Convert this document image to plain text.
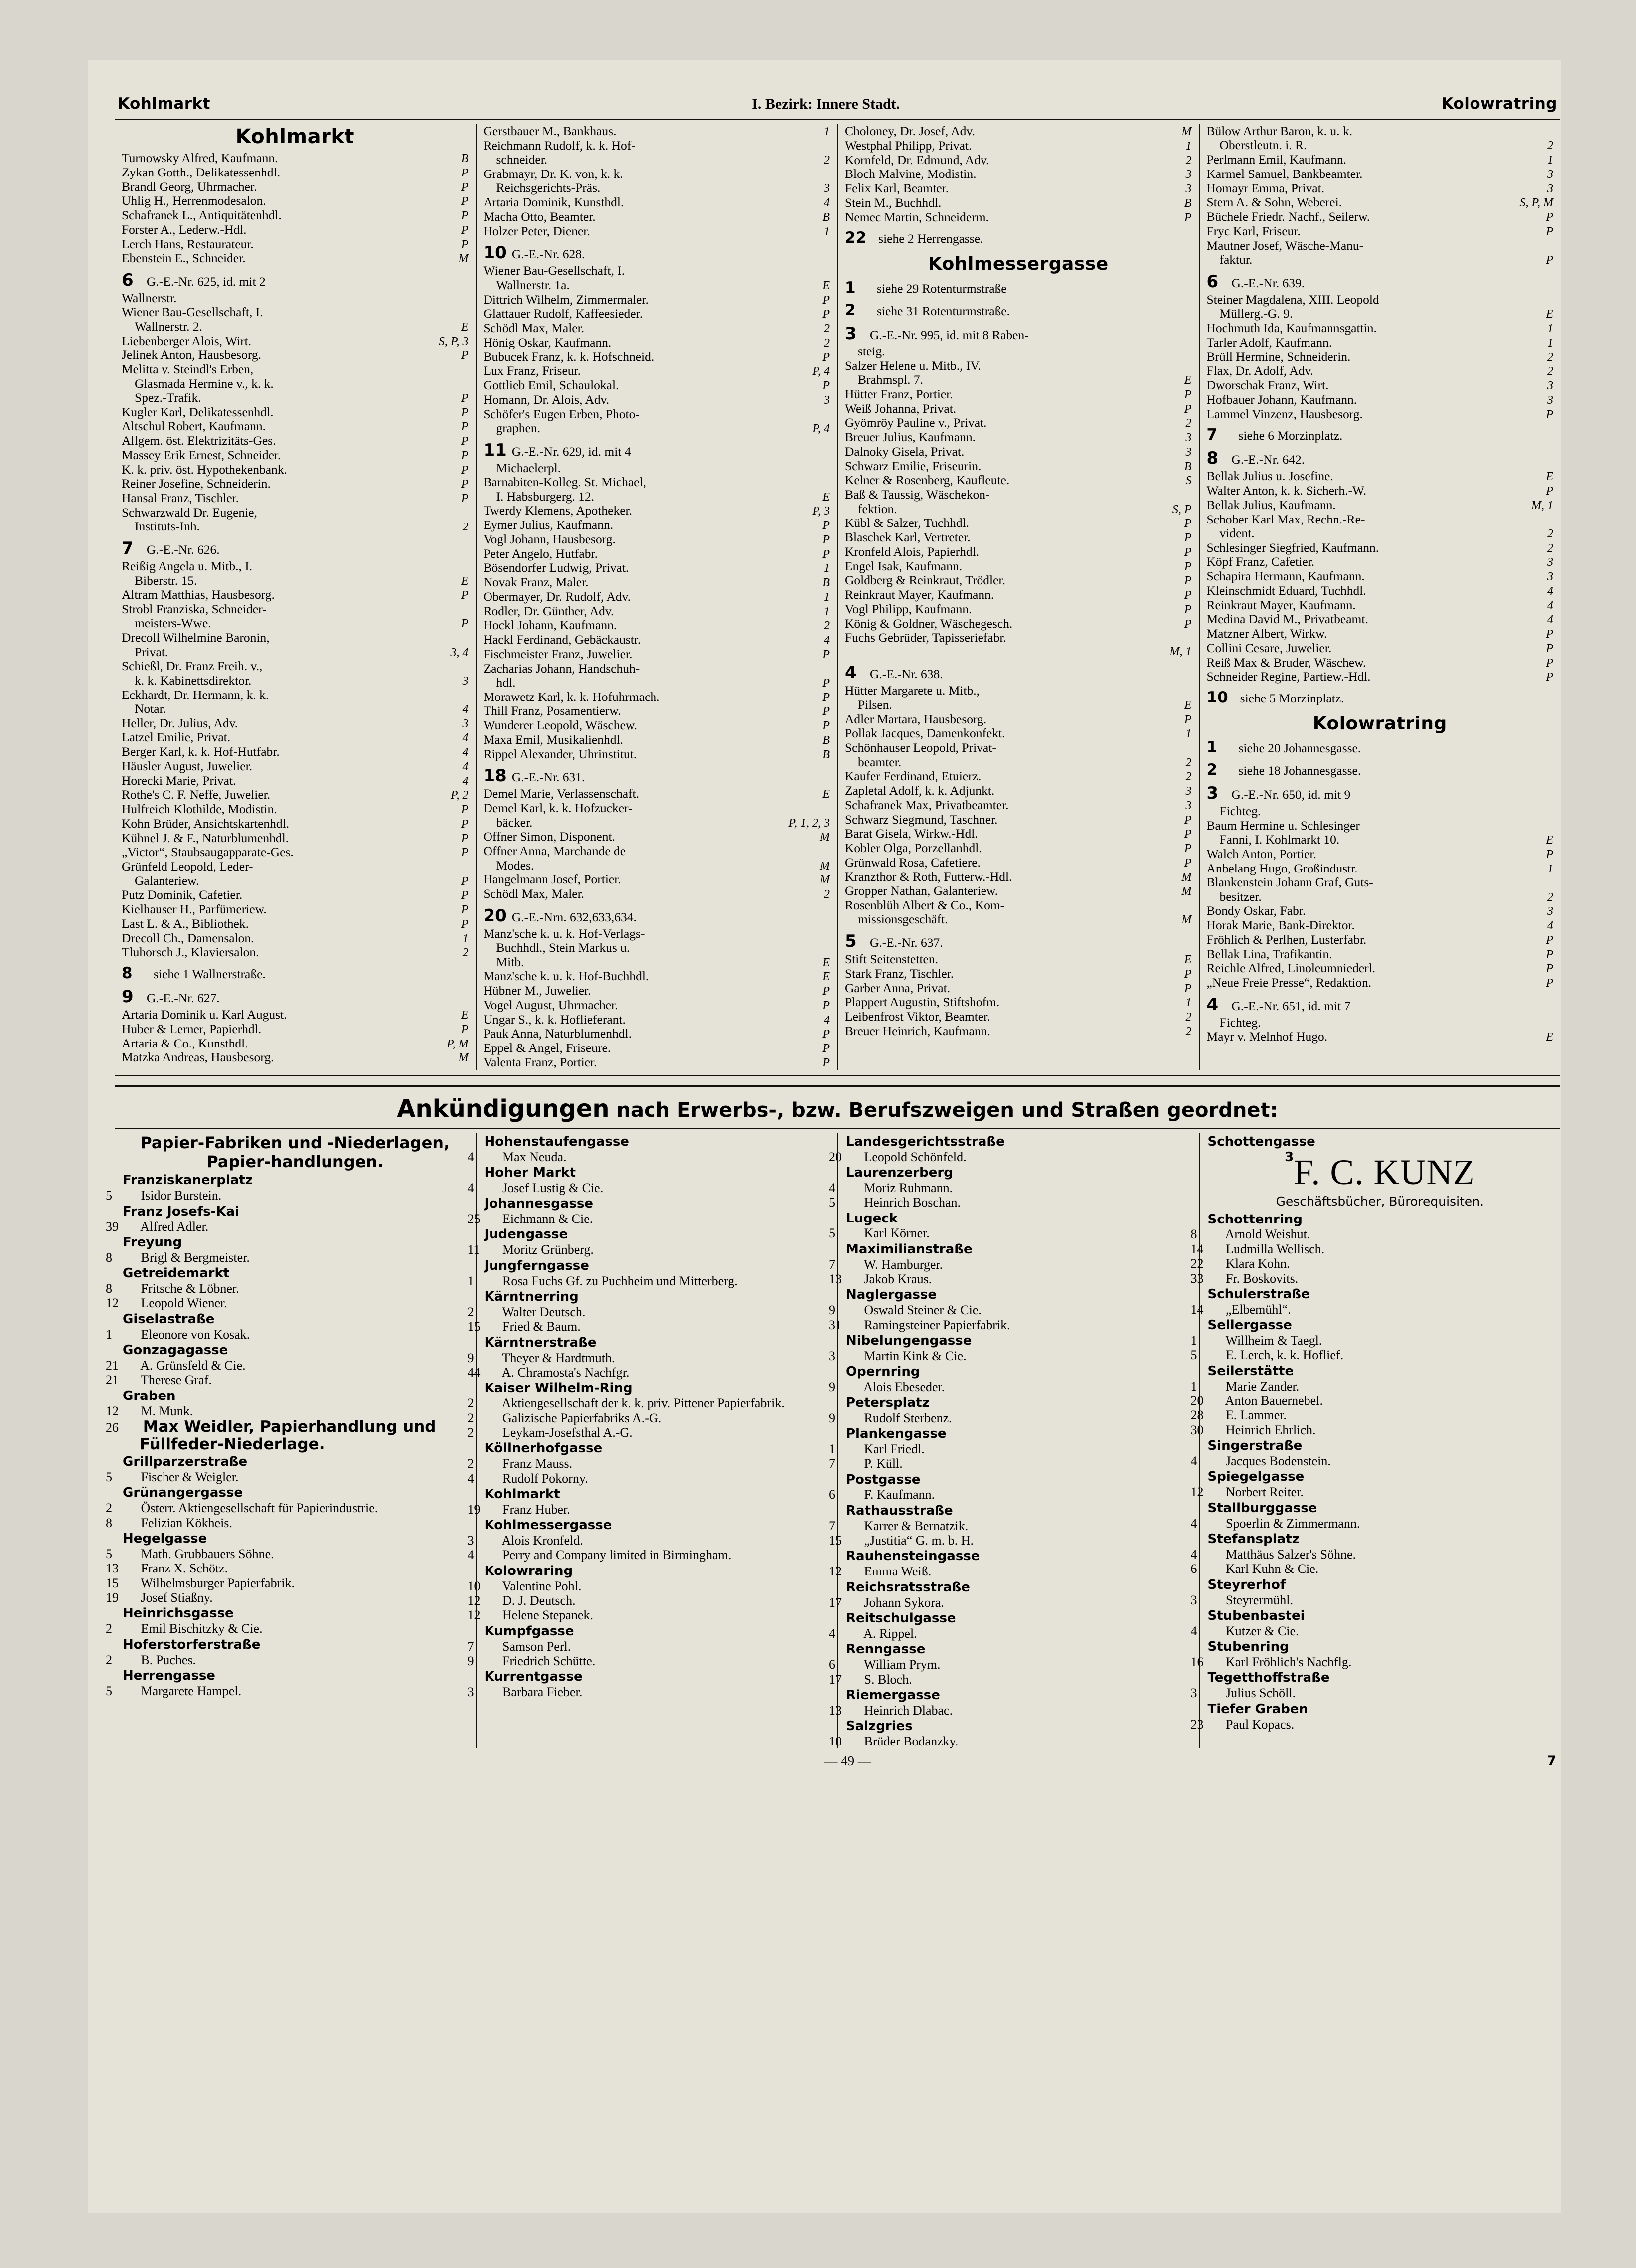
Kohlmarkt	I. Bezirk: Innere Stadt.	Kolowratring
Kohlmarkt
Turnowsky Alfred, Kaufmann.	B
Zykan Gotth., Delikatessenhdl.	P
Brandl Georg, Uhrmacher.	P
Uhlig H., Herrenmodesalon.	P
Schafranek L., Antiquitätenhdl.	P
Forster A., Lederw.-Hdl.	P
Lerch Hans, Restaurateur.	P
Ebenstein E., Schneider.	M
6	G.-E.-Nr. 625, id. mit 2
Wallnerstr.
Wiener Bau-Gesellschaft, I.
Wallnerstr. 2.	E
Liebenberger Alois, Wirt.	S, P, 3
Jelinek Anton, Hausbesorg.	P
Melitta v. Steindl's Erben,
Glasmada Hermine v., k. k.
Spez.-Trafik.	P
Kugler Karl, Delikatessenhdl.	P
Altschul Robert, Kaufmann.	P
Allgem. öst. Elektrizitäts-Ges.	P
Massey Erik Ernest, Schneider.	P
K. k. priv. öst. Hypothekenbank.	P
Reiner Josefine, Schneiderin.	P
Hansal Franz, Tischler.	P
Schwarzwald Dr. Eugenie,
Instituts-Inh.	2
7	G.-E.-Nr. 626.
Reißig Angela u. Mitb., I.
Biberstr. 15.	E
Altram Matthias, Hausbesorg.	P
Strobl Franziska, Schneider-
meisters-Wwe.	P
Drecoll Wilhelmine Baronin,
Privat.	3, 4
Schießl, Dr. Franz Freih. v.,
k. k. Kabinettsdirektor.	3
Eckhardt, Dr. Hermann, k. k.
Notar.	4
Heller, Dr. Julius, Adv.	3
Latzel Emilie, Privat.	4
Berger Karl, k. k. Hof-Hutfabr.	4
Häusler August, Juwelier.	4
Horecki Marie, Privat.	4
Rothe's C. F. Neffe, Juwelier.	P, 2
Hulfreich Klothilde, Modistin.	P
Kohn Brüder, Ansichtskartenhdl.	P
Kühnel J. & F., Naturblumenhdl.	P
„Victor“, Staubsaugapparate-Ges.	P
Grünfeld Leopold, Leder-
Galanteriew.	P
Putz Dominik, Cafetier.	P
Kielhauser H., Parfümeriew.	P
Last L. & A., Bibliothek.	P
Drecoll Ch., Damensalon.	1
Tluhorsch J., Klaviersalon.	2
8	siehe 1 Wallnerstraße.
9	G.-E.-Nr. 627.
Artaria Dominik u. Karl August.	E
Huber & Lerner, Papierhdl.	P
Artaria & Co., Kunsthdl.	P, M
Matzka Andreas, Hausbesorg.	M
Gerstbauer M., Bankhaus.	1
Reichmann Rudolf, k. k. Hof-
schneider.	2
Grabmayr, Dr. K. von, k. k.
Reichsgerichts-Präs.	3
Artaria Dominik, Kunsthdl.	4
Macha Otto, Beamter.	B
Holzer Peter, Diener.	1
10 G.-E.-Nr. 628.
Wiener Bau-Gesellschaft, I.
Wallnerstr. 1a.	E
Dittrich Wilhelm, Zimmermaler.	P
Glattauer Rudolf, Kaffeesieder.	P
Schödl Max, Maler.	2
Hönig Oskar, Kaufmann.	2
Bubucek Franz, k. k. Hofschneid.	P
Lux Franz, Friseur.	P, 4
Gottlieb Emil, Schaulokal.	P
Homann, Dr. Alois, Adv.	3
Schöfer's Eugen Erben, Photo-
graphen.	P, 4
11 G.-E.-Nr. 629, id. mit 4
Michaelerpl.
Barnabiten-Kolleg. St. Michael,
I. Habsburgerg. 12.	E
Twerdy Klemens, Apotheker.	P, 3
Eymer Julius, Kaufmann.	P
Vogl Johann, Hausbesorg.	P
Peter Angelo, Hutfabr.	P
Bösendorfer Ludwig, Privat.	1
Novak Franz, Maler.	B
Obermayer, Dr. Rudolf, Adv.	1
Rodler, Dr. Günther, Adv.	1
Hockl Johann, Kaufmann.	2
Hackl Ferdinand, Gebäckaustr.	4
Fischmeister Franz, Juwelier.	P
Zacharias Johann, Handschuh-
hdl.	P
Morawetz Karl, k. k. Hofuhrmach.	P
Thill Franz, Posamentierw.	P
Wunderer Leopold, Wäschew.	P
Maxa Emil, Musikalienhdl.	B
Rippel Alexander, Uhrinstitut.	B
18 G.-E.-Nr. 631.
Demel Marie, Verlassenschaft.	E
Demel Karl, k. k. Hofzucker-
bäcker.	P, 1, 2, 3
Offner Simon, Disponent.	M
Offner Anna, Marchande de
Modes.	M
Hangelmann Josef, Portier.	M
Schödl Max, Maler.	2
20 G.-E.-Nrn. 632,633,634.
Manz'sche k. u. k. Hof-Verlags-
Buchhdl., Stein Markus u.
Mitb.	E
Manz'sche k. u. k. Hof-Buchhdl.	E
Hübner M., Juwelier.	P
Vogel August, Uhrmacher.	P
Ungar S., k. k. Hoflieferant.	4
Pauk Anna, Naturblumenhdl.	P
Eppel & Angel, Friseure.	P
Valenta Franz, Portier.	P
Choloney, Dr. Josef, Adv.	M
Westphal Philipp, Privat.	1
Kornfeld, Dr. Edmund, Adv.	2
Bloch Malvine, Modistin.	3
Felix Karl, Beamter.	3
Stein M., Buchhdl.	B
Nemec Martin, Schneiderm.	P
22 siehe 2 Herrengasse.
Kohlmessergasse
1	siehe 29 Rotenturmstraße
2	siehe 31 Rotenturmstraße.
3	G.-E.-Nr. 995, id. mit 8 Raben-
steig.
Salzer Helene u. Mitb., IV.
Brahmspl. 7.	E
Hütter Franz, Portier.	P
Weiß Johanna, Privat.	P
Gyömröy Pauline v., Privat.	2
Breuer Julius, Kaufmann.	3
Dalnoky Gisela, Privat.	3
Schwarz Emilie, Friseurin.	B
Kelner & Rosenberg, Kaufleute.	S
Baß & Taussig, Wäschekon-
fektion.	S, P
Kübl & Salzer, Tuchhdl.	P
Blaschek Karl, Vertreter.	P
Kronfeld Alois, Papierhdl.	P
Engel Isak, Kaufmann.	P
Goldberg & Reinkraut, Trödler.	P
Reinkraut Mayer, Kaufmann.	P
Vogl Philipp, Kaufmann.	P
König & Goldner, Wäschegesch.	P
Fuchs Gebrüder, Tapisseriefabr.
M, 1
4	G.-E.-Nr. 638.
Hütter Margarete u. Mitb.,
Pilsen.	E
Adler Martara, Hausbesorg.	P
Pollak Jacques, Damenkonfekt.	1
Schönhauser Leopold, Privat-
beamter.	2
Kaufer Ferdinand, Etuierz.	2
Zapletal Adolf, k. k. Adjunkt.	3
Schafranek Max, Privatbeamter.	3
Schwarz Siegmund, Taschner.	P
Barat Gisela, Wirkw.-Hdl.	P
Kobler Olga, Porzellanhdl.	P
Grünwald Rosa, Cafetiere.	P
Kranzthor & Roth, Futterw.-Hdl.	M
Gropper Nathan, Galanteriew.	M
Rosenblüh Albert & Co., Kom-
missionsgeschäft.	M
5	G.-E.-Nr. 637.
Stift Seitenstetten.	E
Stark Franz, Tischler.	P
Garber Anna, Privat.	P
Plappert Augustin, Stiftshofm.	1
Leibenfrost Viktor, Beamter.	2
Breuer Heinrich, Kaufmann.	2
Bülow Arthur Baron, k. u. k.
Oberstleutn. i. R.	2
Perlmann Emil, Kaufmann.	1
Karmel Samuel, Bankbeamter.	3
Homayr Emma, Privat.	3
Stern A. & Sohn, Weberei.	S, P, M
Büchele Friedr. Nachf., Seilerw.	P
Fryc Karl, Friseur.	P
Mautner Josef, Wäsche-Manu-
faktur.	P
6	G.-E.-Nr. 639.
Steiner Magdalena, XIII. Leopold
Müllerg.-G. 9.	E
Hochmuth Ida, Kaufmannsgattin.	1
Tarler Adolf, Kaufmann.	1
Brüll Hermine, Schneiderin.	2
Flax, Dr. Adolf, Adv.	2
Dworschak Franz, Wirt.	3
Hofbauer Johann, Kaufmann.	3
Lammel Vinzenz, Hausbesorg.	P
7	siehe 6 Morzinplatz.
8	G.-E.-Nr. 642.
Bellak Julius u. Josefine.	E
Walter Anton, k. k. Sicherh.-W.	P
Bellak Julius, Kaufmann.	M, 1
Schober Karl Max, Rechn.-Re-
vident.	2
Schlesinger Siegfried, Kaufmann.	2
Köpf Franz, Cafetier.	3
Schapira Hermann, Kaufmann.	3
Kleinschmidt Eduard, Tuchhdl.	4
Reinkraut Mayer, Kaufmann.	4
Medina David M., Privatbeamt.	4
Matzner Albert, Wirkw.	P
Collini Cesare, Juwelier.	P
Reiß Max & Bruder, Wäschew.	P
Schneider Regine, Partiew.-Hdl.	P
10 siehe 5 Morzinplatz.
Kolowratring
1	siehe 20 Johannesgasse.
2	siehe 18 Johannesgasse.
3	G.-E.-Nr. 650, id. mit 9
Fichteg.
Baum Hermine u. Schlesinger
Fanni, I. Kohlmarkt 10.	E
Walch Anton, Portier.	P
Anbelang Hugo, Großindustr.	1
Blankenstein Johann Graf, Guts-
besitzer.	2
Bondy Oskar, Fabr.	3
Horak Marie, Bank-Direktor.	4
Fröhlich & Perlhen, Lusterfabr.	P
Bellak Lina, Trafikantin.	P
Reichle Alfred, Linoleumniederl.	P
„Neue Freie Presse“, Redaktion.	P
4	G.-E.-Nr. 651, id. mit 7
Fichteg.
Mayr v. Melnhof Hugo.	E
Ankündigungen nach Erwerbs-, bzw. Berufszweigen und Straßen geordnet:
Papier-Fabriken und -Niederlagen, Papier-handlungen.
Franziskanerplatz
5 Isidor Burstein.
Franz Josefs-Kai
39 Alfred Adler.
Freyung
8 Brigl & Bergmeister.
Getreidemarkt
8 Fritsche & Löbner.
12 Leopold Wiener.
Giselastraße
1 Eleonore von Kosak.
Gonzagagasse
21 A. Grünsfeld & Cie.
21 Therese Graf.
Graben
12 M. Munk.
26 Max Weidler, Papierhandlung und Füllfeder-Niederlage.
Grillparzerstraße
5 Fischer & Weigler.
Grünangergasse
2 Österr. Aktiengesellschaft für Papierindustrie.
8 Felizian Kökheis.
Hegelgasse
5 Math. Grubbauers Söhne.
13 Franz X. Schötz.
15 Wilhelmsburger Papierfabrik.
19 Josef Stiaßny.
Heinrichsgasse
2 Emil Bischitzky & Cie.
Hoferstorferstraße
2 B. Puches.
Herrengasse
5 Margarete Hampel.
Hohenstaufengasse
4 Max Neuda.
Hoher Markt
4 Josef Lustig & Cie.
Johannesgasse
25 Eichmann & Cie.
Judengasse
11 Moritz Grünberg.
Jungferngasse
1 Rosa Fuchs Gf. zu Puchheim und Mitterberg.
Kärntnerring
2 Walter Deutsch.
15 Fried & Baum.
Kärntnerstraße
9 Theyer & Hardtmuth.
44 A. Chramosta's Nachfgr.
Kaiser Wilhelm-Ring
2 Aktiengesellschaft der k. k. priv. Pittener Papierfabrik.
2 Galizische Papierfabriks A.-G.
2 Leykam-Josefsthal A.-G.
Köllnerhofgasse
2 Franz Mauss.
4 Rudolf Pokorny.
Kohlmarkt
19 Franz Huber.
Kohlmessergasse
3 Alois Kronfeld.
4 Perry and Company limited in Birmingham.
Kolowraring
10 Valentine Pohl.
12 D. J. Deutsch.
12 Helene Stepanek.
Kumpfgasse
7 Samson Perl.
9 Friedrich Schütte.
Kurrentgasse
3 Barbara Fieber.
Landesgerichtsstraße
20 Leopold Schönfeld.
Laurenzerberg
4 Moriz Ruhmann.
5 Heinrich Boschan.
Lugeck
5 Karl Körner.
Maximilianstraße
7 W. Hamburger.
13 Jakob Kraus.
Naglergasse
9 Oswald Steiner & Cie.
31 Ramingsteiner Papierfabrik.
Nibelungengasse
3 Martin Kink & Cie.
Opernring
9 Alois Ebeseder.
Petersplatz
9 Rudolf Sterbenz.
Plankengasse
1 Karl Friedl.
7 P. Küll.
Postgasse
6 F. Kaufmann.
Rathausstraße
7 Karrer & Bernatzik.
15 „Justitia“ G. m. b. H.
Rauhensteingasse
12 Emma Weiß.
Reichsratsstraße
17 Johann Sykora.
Reitschulgasse
4 A. Rippel.
Renngasse
6 William Prym.
17 S. Bloch.
Riemergasse
13 Heinrich Dlabac.
Salzgries
10 Brüder Bodanzky.
Schottengasse
3 F. C. KUNZ
Geschäftsbücher, Bürorequisiten.
Schottenring
8 Arnold Weishut.
14 Ludmilla Wellisch.
22 Klara Kohn.
33 Fr. Boskovits.
Schulerstraße
14 „Elbemühl“.
Sellergasse
1 Willheim & Taegl.
5 E. Lerch, k. k. Hoflief.
Seilerstätte
1 Marie Zander.
20 Anton Bauernebel.
28 E. Lammer.
30 Heinrich Ehrlich.
Singerstraße
4 Jacques Bodenstein.
Spiegelgasse
12 Norbert Reiter.
Stallburggasse
4 Spoerlin & Zimmermann.
Stefansplatz
4 Matthäus Salzer's Söhne.
6 Karl Kuhn & Cie.
Steyrerhof
3 Steyrermühl.
Stubenbastei
4 Kutzer & Cie.
Stubenring
16 Karl Fröhlich's Nachflg.
Tegetthoffstraße
3 Julius Schöll.
Tiefer Graben
23 Paul Kopacs.
— 49 —	7
